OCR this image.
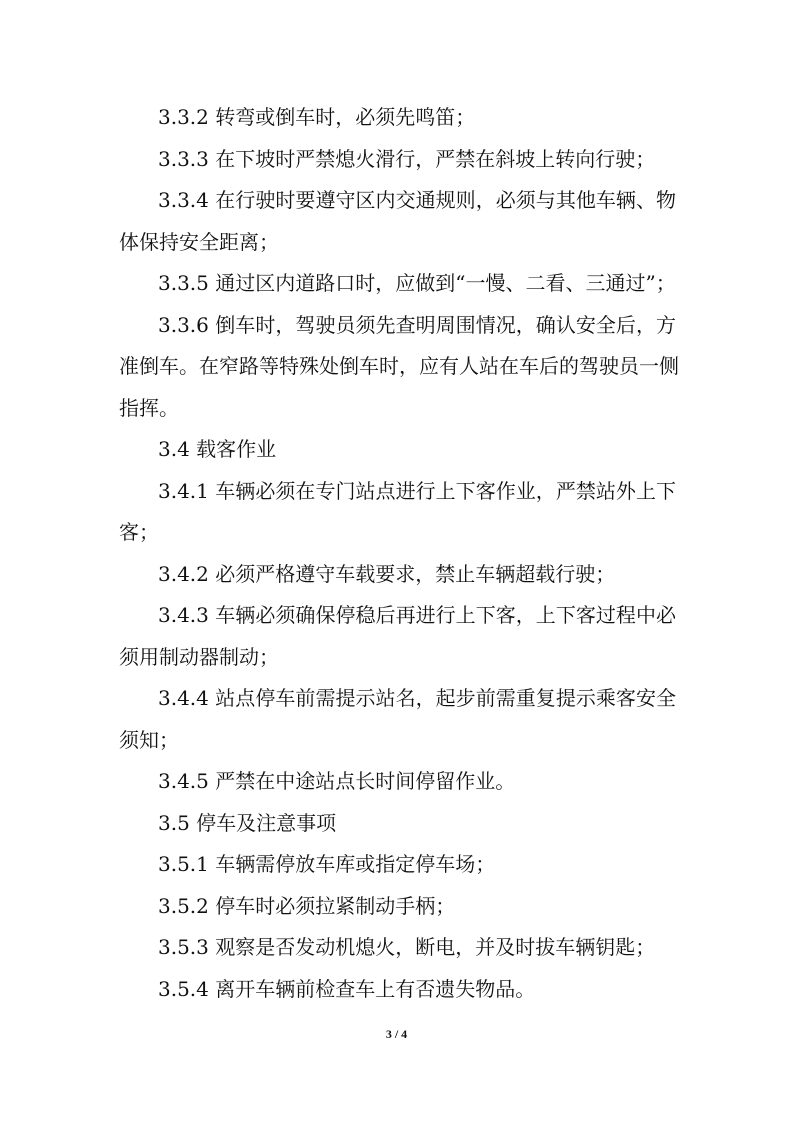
3.3.2 转弯或倒车时，必须先鸣笛；
3.3.3 在下坡时严禁熄火滑行，严禁在斜坡上转向行驶；
3.3.4 在行驶时要遵守区内交通规则，必须与其他车辆、物
体保持安全距离；
3.3.5 通过区内道路口时，应做到“一慢、二看、三通过”；
3.3.6 倒车时，驾驶员须先查明周围情况，确认安全后，方
准倒车。在窄路等特殊处倒车时，应有人站在车后的驾驶员一侧
指挥。
3.4 载客作业
3.4.1 车辆必须在专门站点进行上下客作业，严禁站外上下
客；
3.4.2 必须严格遵守车载要求，禁止车辆超载行驶；
3.4.3 车辆必须确保停稳后再进行上下客，上下客过程中必
须用制动器制动；
3.4.4 站点停车前需提示站名，起步前需重复提示乘客安全
须知；
3.4.5 严禁在中途站点长时间停留作业。
3.5 停车及注意事项
3.5.1 车辆需停放车库或指定停车场；
3.5.2 停车时必须拉紧制动手柄；
3.5.3 观察是否发动机熄火，断电，并及时拔车辆钥匙；
3.5.4 离开车辆前检查车上有否遗失物品。
3 / 4
